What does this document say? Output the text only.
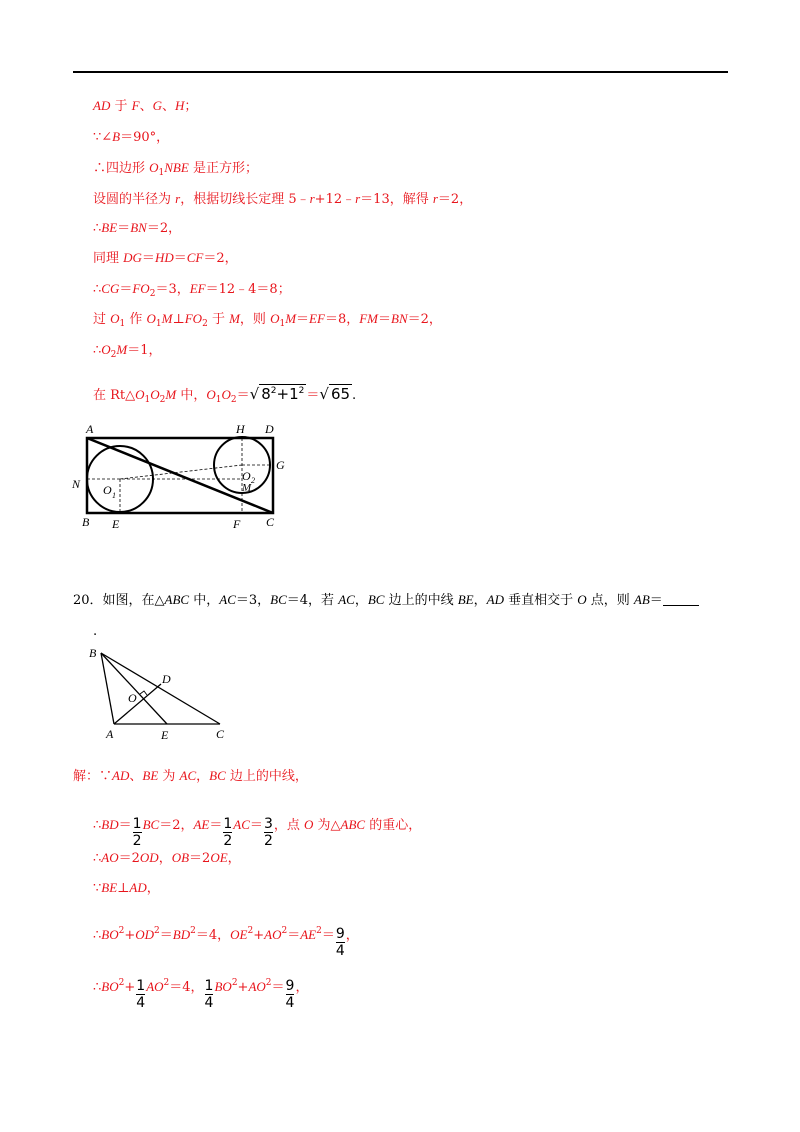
AD 于 F、G、H；
∵∠B＝90°，
∴四边形 $O_1NBE$ 是正方形；
设圆的半径为 r，根据切线长定理 5﹣r+12﹣r＝13，解得 r＝2，
∴BE＝BN＝2，
同理 DG＝HD＝CF＝2，
$\therefore CG=FO_2=3$，EF＝12﹣4＝8；
过 $O_1$ 作 $O_1M\perp FO_2$ 于 M，则 $O_1M=EF=8$，FM＝BN＝2，
$\therefore O_2M=1$，
在 $Rt\triangle O_1O_2M$ 中，$O_1O_2=√$ $8^2+1^2$ ＝√ 65 .
A	H D
G
N O 1
O 2
M
B E	F C
20．如图，在△ABC 中，AC＝3，BC＝4，若 AC，BC 边上的中线 BE，AD 垂直相交于 O 点，则 AB＝
.
B
D
O
A	E	C
解：∵AD、BE 为 AC，BC 边上的中线，
∴BD＝ $\frac{1}{2} BC=2$，$AE= \frac{1}{2} AC= \frac{3}{2}$ ，点 O 为△ABC 的重心，
∴AO＝2OD，OB＝2OE，
∵BE⊥AD，
$\therefore BO^2+OD^2=BD^2=4$，$OE^2+AO^2=AE^2= \frac{9}{4}$ ，
$\therefore BO^2+ \frac{1}{4} AO^2=4$， $\frac{1}{4} BO^2+AO^2= \frac{9}{4}$ ，
